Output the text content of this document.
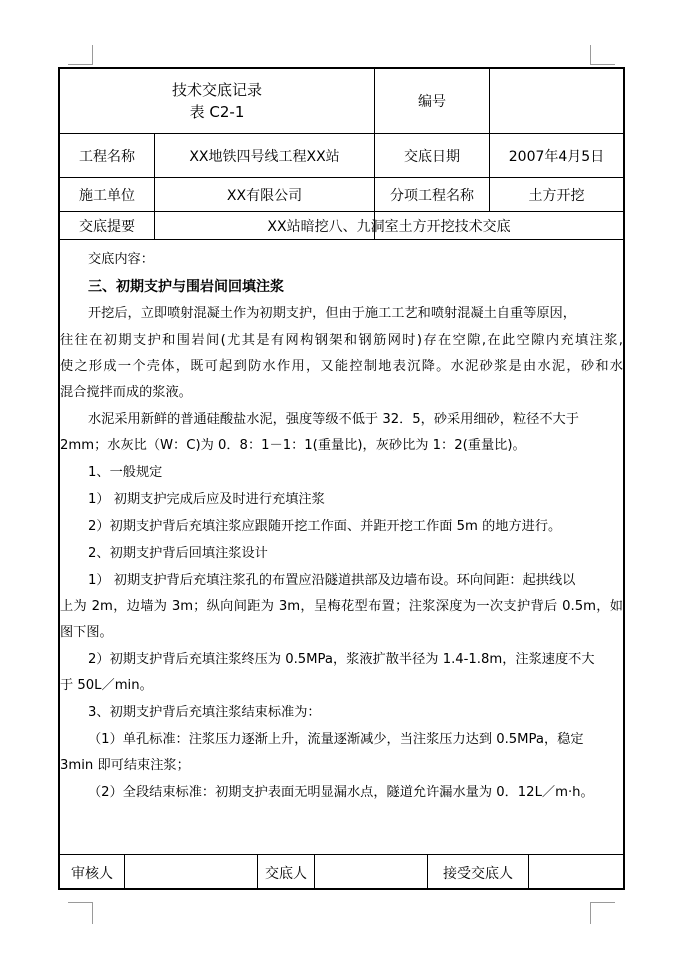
技术交底记录
表 C2-1
编号
工程名称	XX地铁四号线工程XX站	交底日期	2007年4月5日
施工单位	XX有限公司	分项工程名称	土方开挖
交底提要	XX站暗挖八、九洞室土方开挖技术交底
交底内容：
三、初期支护与围岩间回填注浆
开挖后，立即喷射混凝土作为初期支护，但由于施工工艺和喷射混凝土自重等原因，
往往在初期支护和围岩间(尤其是有网构钢架和钢筋网时)存在空隙,在此空隙内充填注浆,
使之形成一个壳体，既可起到防水作用，又能控制地表沉降。水泥砂浆是由水泥，砂和水
混合搅拌而成的浆液。
水泥采用新鲜的普通硅酸盐水泥，强度等级不低于 32．5，砂采用细砂，粒径不大于
2mm；水灰比（W：C)为 0．8：1－1：1(重量比)，灰砂比为 1：2(重量比)。
1、一般规定
1） 初期支护完成后应及时进行充填注浆
2）初期支护背后充填注浆应跟随开挖工作面、并距开挖工作面 5m 的地方进行。
2、初期支护背后回填注浆设计
1） 初期支护背后充填注浆孔的布置应沿隧道拱部及边墙布设。环向间距：起拱线以
上为 2m，边墙为 3m；纵向间距为 3m，呈梅花型布置；注浆深度为一次支护背后 0.5m，如
图下图。
2）初期支护背后充填注浆终压为 0.5MPa，浆液扩散半径为 1.4-1.8m，注浆速度不大
于 50L／min。
3、初期支护背后充填注浆结束标准为：
（1）单孔标准：注浆压力逐渐上升，流量逐渐减少，当注浆压力达到 0.5MPa，稳定
3min 即可结束注浆；
（2）全段结束标准：初期支护表面无明显漏水点，隧道允许漏水量为 0．12L／m·h。
审核人	交底人	接受交底人
